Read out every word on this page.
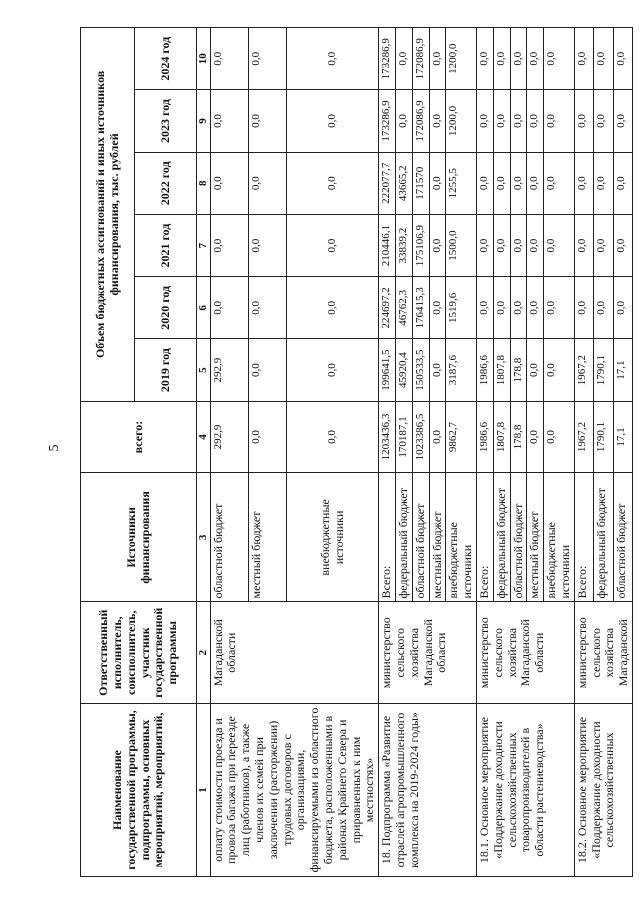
5
Наименование государственной программы, подпрограммы, основных мероприятий, мероприятий,	Ответственный исполнитель, соисполнитель, участник государственной программы	Источники финансирования	всего:	Объем бюджетных ассигнований и иных источников финансирования, тыс. рублей					
				2019 год	2020 год	2021 год	2022 год	2023 год	2024 год
1	2	3	4	5	6	7	8	9	10
оплату стоимости проезда и провоза багажа при переезде лиц (работников), а также членов их семей при заключении (расторжении) трудовых договоров с организациями, финансируемыми из областного бюджета, расположенными в районах Крайнего Севера и приравненных к ним местностях»	Магаданской области	областной бюджет	292,9	292,9	0,0	0,0	0,0	0,0	0,0
		местный бюджет	0,0	0,0	0,0	0,0	0,0	0,0	0,0
		внебюджетные источники	0,0	0,0	0,0	0,0	0,0	0,0	0,0
18. Подпрограмма «Развитие отраслей агропромышленного комплекса на 2019-2024 годы»	министерство сельского хозяйства Магаданской области	Всего:	1203436,3	199641,5	224697,2	210446,1	222077,7	173286,9	173286,9
		федеральный бюджет	170187,1	45920,4	46762,3	33839,2	43665,2	0,0	0,0
		областной бюджет	1023386,5	150533,5	176415,3	175106,9	171570	172086,9	172086,9
		местный бюджет	0,0	0,0	0,0	0,0	0,0	0,0	0,0
		внебюджетные источники	9862,7	3187,6	1519,6	1500,0	1255,5	1200,0	1200,0
18.1. Основное мероприятие «Поддержание доходности сельскохозяйственных товаропроизводителей в области растениеводства»	министерство сельского хозяйства Магаданской области	Всего:	1986,6	1986,6	0,0	0,0	0,0	0,0	0,0
		федеральный бюджет	1807,8	1807,8	0,0	0,0	0,0	0,0	0,0
		областной бюджет	178,8	178,8	0,0	0,0	0,0	0,0	0,0
		местный бюджет	0,0	0,0	0,0	0,0	0,0	0,0	0,0
		внебюджетные источники	0,0	0,0	0,0	0,0	0,0	0,0	0,0
18.2. Основное мероприятие «Поддержание доходности сельскохозяйственных	министерство сельского хозяйства Магаданской	Всего:	1967,2	1967,2	0,0	0,0	0,0	0,0	0,0
		федеральный бюджет	1790,1	1790,1	0,0	0,0	0,0	0,0	0,0
		областной бюджет	17,1	17,1	0,0	0,0	0,0	0,0	0,0
